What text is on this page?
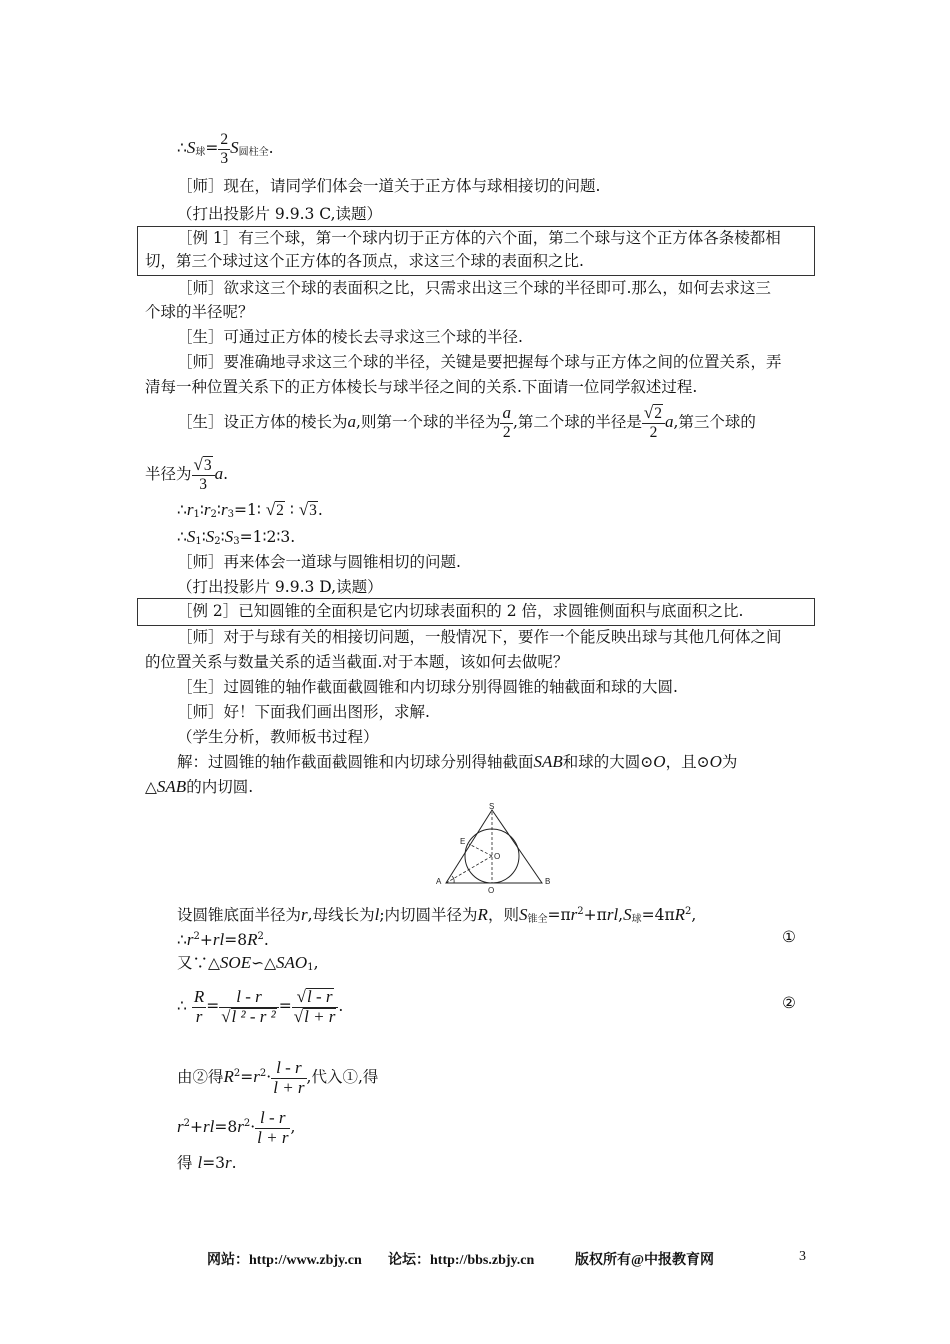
$\therefore S_球= \frac{2}{3} S_{圆柱全}$.
［师］现在，请同学们体会一道关于正方体与球相接切的问题.
（打出投影片 9.9.3 C,读题）
［例 1］有三个球，第一个球内切于正方体的六个面，第二个球与这个正方体各条棱都相
切，第三个球过这个正方体的各顶点，求这三个球的表面积之比.
［师］欲求这三个球的表面积之比，只需求出这三个球的半径即可.那么，如何去求这三
个球的半径呢？
［生］可通过正方体的棱长去寻求这三个球的半径.
［师］要准确地寻求这三个球的半径，关键是要把握每个球与正方体之间的位置关系，弄
清每一种位置关系下的正方体棱长与球半径之间的关系.下面请一位同学叙述过程.
［生］设正方体的棱长为a,则第一个球的半径为 $\frac{a}{2}$ ,第二个球的半径是 $\frac{√2}{2} a$,第三个球的
半径为 $\frac{√3}{3} a$.
$\therefore r_1∶r_2∶r_3=1∶$ √2 ∶ √3.
$\therefore S_1∶S_2∶S_3=1∶2∶3$.
［师］再来体会一道球与圆锥相切的问题.
（打出投影片 9.9.3 D,读题）
［例 2］已知圆锥的全面积是它内切球表面积的 2 倍，求圆锥侧面积与底面积之比.
［师］对于与球有关的相接切问题，一般情况下，要作一个能反映出球与其他几何体之间
的位置关系与数量关系的适当截面.对于本题，该如何去做呢？
［生］过圆锥的轴作截面截圆锥和内切球分别得圆锥的轴截面和球的大圆.
［师］好！下面我们画出图形，求解.
（学生分析，教师板书过程）
解：过圆锥的轴作截面截圆锥和内切球分别得轴截面SAB和球的大圆⊙O，且⊙O为
△SAB的内切圆.
S
E
O
A
O
B
设圆锥底面半径为r,母线长为l;内切圆半径为R，则$S_{锥全}=\pi r^2+\pi rl,S_球=4\pi R^2$,
$\therefore r^2+rl=8R^2$.	①
又$\because\triangle SOE∽\triangle SAO_1$,
∴ $\frac{R}{r} = \frac{l - r}{\text{√l ² - r ²}} = \frac{√l - r}{√l + r}$ .	②
由②得$R^2=r^2\cdot \frac{l - r}{l + r}$ ,代入①,得
$r^2+rl=8r^2\cdot \frac{l - r}{l + r}$ ,
得 l=3r.
网站：http://www.zbjy.cn 论坛：http://bbs.zbjy.cn	版权所有@中报教育网	3
